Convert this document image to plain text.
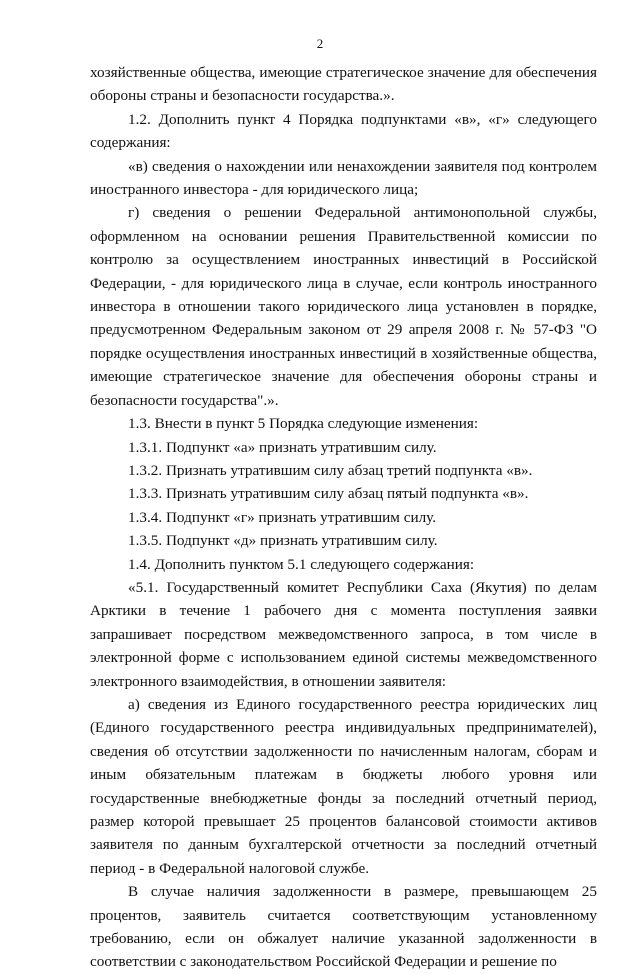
2

хозяйственные общества, имеющие стратегическое значение для обеспечения обороны страны и безопасности государства.».

1.2. Дополнить пункт 4 Порядка подпунктами «в», «г» следующего содержания:

«в) сведения о нахождении или ненахождении заявителя под контролем иностранного инвестора - для юридического лица;

г) сведения о решении Федеральной антимонопольной службы, оформленном на основании решения Правительственной комиссии по контролю за осуществлением иностранных инвестиций в Российской Федерации, - для юридического лица в случае, если контроль иностранного инвестора в отношении такого юридического лица установлен в порядке, предусмотренном Федеральным законом от 29 апреля 2008 г. № 57-ФЗ "О порядке осуществления иностранных инвестиций в хозяйственные общества, имеющие стратегическое значение для обеспечения обороны страны и безопасности государства".».

1.3. Внести в пункт 5 Порядка следующие изменения:

1.3.1. Подпункт «а» признать утратившим силу.

1.3.2. Признать утратившим силу абзац третий подпункта «в».

1.3.3. Признать утратившим силу абзац пятый подпункта «в».

1.3.4. Подпункт «г» признать утратившим силу.

1.3.5. Подпункт «д» признать утратившим силу.

1.4. Дополнить пунктом 5.1 следующего содержания:

«5.1. Государственный комитет Республики Саха (Якутия) по делам Арктики в течение 1 рабочего дня с момента поступления заявки запрашивает посредством межведомственного запроса, в том числе в электронной форме с использованием единой системы межведомственного электронного взаимодействия, в отношении заявителя:

а) сведения из Единого государственного реестра юридических лиц (Единого государственного реестра индивидуальных предпринимателей), сведения об отсутствии задолженности по начисленным налогам, сборам и иным обязательным платежам в бюджеты любого уровня или государственные внебюджетные фонды за последний отчетный период, размер которой превышает 25 процентов балансовой стоимости активов заявителя по данным бухгалтерской отчетности за последний отчетный период - в Федеральной налоговой службе.

В случае наличия задолженности в размере, превышающем 25 процентов, заявитель считается соответствующим установленному требованию, если он обжалует наличие указанной задолженности в соответствии с законодательством Российской Федерации и решение по
